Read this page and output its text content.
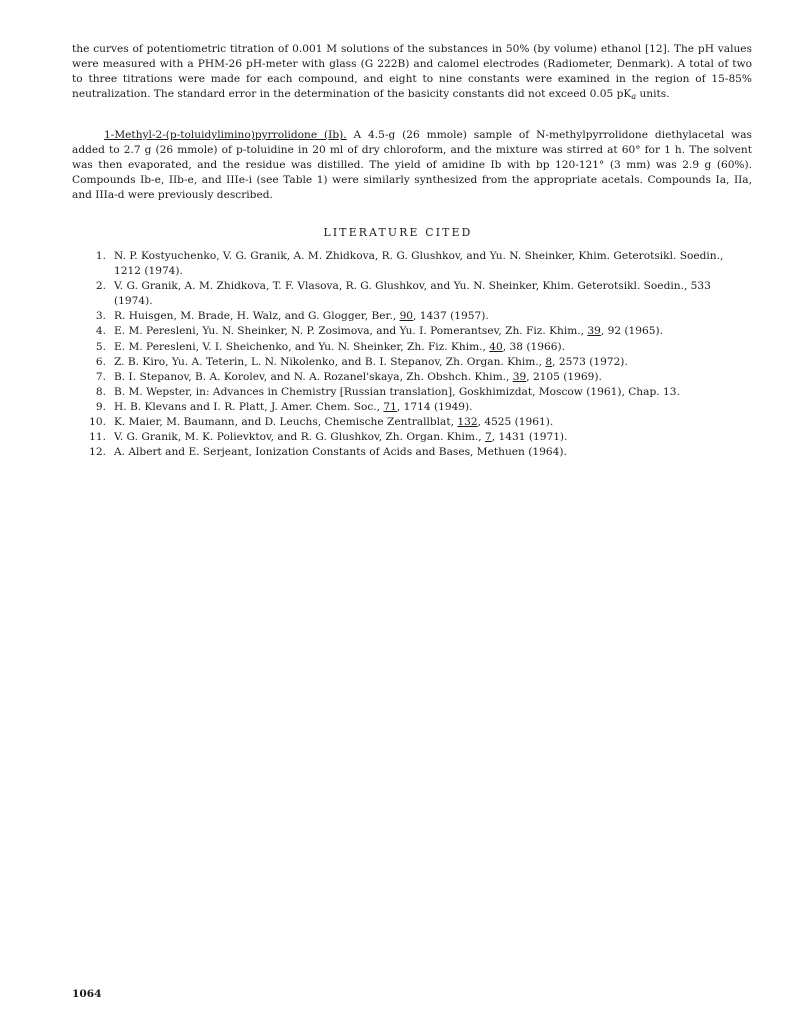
the curves of potentiometric titration of 0.001 M solutions of the substances in 50% (by volume) ethanol [12]. The pH values were measured with a PHM-26 pH-meter with glass (G 222B) and calomel electrodes (Radiometer, Denmark). A total of two to three titrations were made for each compound, and eight to nine constants were examined in the region of 15-85% neutralization. The standard error in the determination of the basicity constants did not exceed 0.05 $pK_a$ units.

1-Methyl-2-(p-toluidylimino)pyrrolidone (Ib). A 4.5-g (26 mmole) sample of N-methylpyrrolidone diethylacetal was added to 2.7 g (26 mmole) of p-toluidine in 20 ml of dry chloroform, and the mixture was stirred at 60° for 1 h. The solvent was then evaporated, and the residue was distilled. The yield of amidine Ib with bp 120-121° (3 mm) was 2.9 g (60%). Compounds Ib-e, IIb-e, and IIIe-i (see Table 1) were similarly synthesized from the appropriate acetals. Compounds Ia, IIa, and IIIa-d were previously described.

LITERATURE CITED
1. N. P. Kostyuchenko, V. G. Granik, A. M. Zhidkova, R. G. Glushkov, and Yu. N. Sheinker, Khim. Geterotsikl. Soedin., 1212 (1974).
2. V. G. Granik, A. M. Zhidkova, T. F. Vlasova, R. G. Glushkov, and Yu. N. Sheinker, Khim. Geterotsikl. Soedin., 533 (1974).
3. R. Huisgen, M. Brade, H. Walz, and G. Glogger, Ber., 90, 1437 (1957).
4. E. M. Peresleni, Yu. N. Sheinker, N. P. Zosimova, and Yu. I. Pomerantsev, Zh. Fiz. Khim., 39, 92 (1965).
5. E. M. Peresleni, V. I. Sheichenko, and Yu. N. Sheinker, Zh. Fiz. Khim., 40, 38 (1966).
6. Z. B. Kiro, Yu. A. Teterin, L. N. Nikolenko, and B. I. Stepanov, Zh. Organ. Khim., 8, 2573 (1972).
7. B. I. Stepanov, B. A. Korolev, and N. A. Rozanel'skaya, Zh. Obshch. Khim., 39, 2105 (1969).
8. B. M. Wepster, in: Advances in Chemistry [Russian translation], Goskhimizdat, Moscow (1961), Chap. 13.
9. H. B. Klevans and I. R. Platt, J. Amer. Chem. Soc., 71, 1714 (1949).
10. K. Maier, M. Baumann, and D. Leuchs, Chemische Zentrallblat, 132, 4525 (1961).
11. V. G. Granik, M. K. Polievktov, and R. G. Glushkov, Zh. Organ. Khim., 7, 1431 (1971).
12. A. Albert and E. Serjeant, Ionization Constants of Acids and Bases, Methuen (1964).

1064
